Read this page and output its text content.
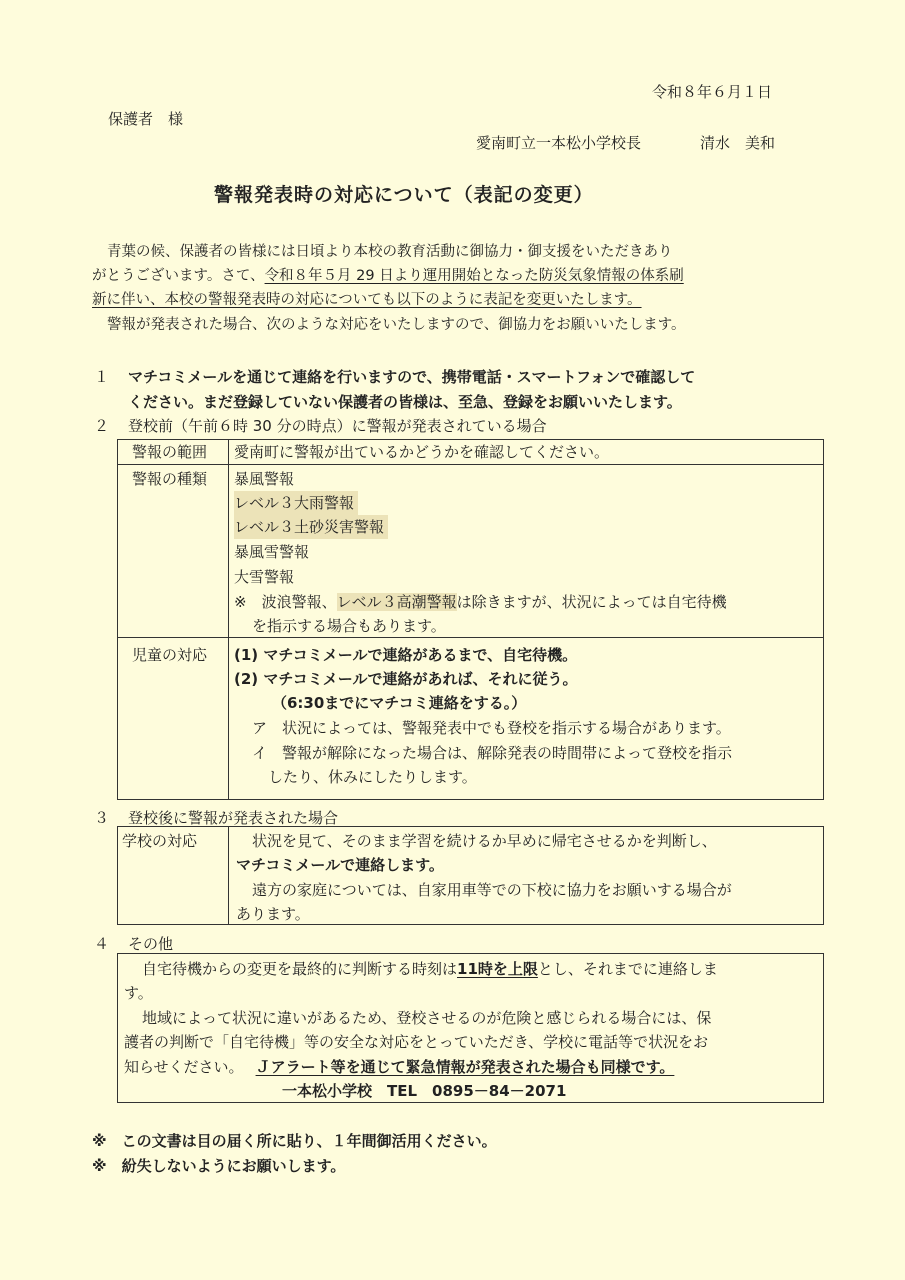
令和８年６月１日
保護者　様
愛南町立一本松小学校長	清水　美和
警報発表時の対応について（表記の変更）
青葉の候、保護者の皆様には日頃より本校の教育活動に御協力・御支援をいただきあり
がとうございます。さて、令和８年５月 29 日より運用開始となった防災気象情報の体系刷
新に伴い、本校の警報発表時の対応についても以下のように表記を変更いたします。
警報が発表された場合、次のような対応をいたしますので、御協力をお願いいたします。
１ マチコミメールを通じて連絡を行いますので、携帯電話・スマートフォンで確認して
ください。まだ登録していない保護者の皆様は、至急、登録をお願いいたします。
２ 登校前（午前６時 30 分の時点）に警報が発表されている場合
警報の範囲 愛南町に警報が出ているかどうかを確認してください。
警報の種類 暴風警報
レベル３大雨警報
レベル３土砂災害警報
暴風雪警報
大雪警報
※　波浪警報、レベル３高潮警報は除きますが、状況によっては自宅待機
を指示する場合もあります。
児童の対応 (1) マチコミメールで連絡があるまで、自宅待機。
(2) マチコミメールで連絡があれば、それに従う。
（6:30までにマチコミ連絡をする。）
ア　状況によっては、警報発表中でも登校を指示する場合があります。
イ　警報が解除になった場合は、解除発表の時間帯によって登校を指示
したり、休みにしたりします。
３ 登校後に警報が発表された場合
学校の対応	状況を見て、そのまま学習を続けるか早めに帰宅させるかを判断し、
マチコミメールで連絡します。
遠方の家庭については、自家用車等での下校に協力をお願いする場合が
あります。
４ その他
自宅待機からの変更を最終的に判断する時刻は11時を上限とし、それまでに連絡しま
す。
地域によって状況に違いがあるため、登校させるのが危険と感じられる場合には、保
護者の判断で「自宅待機」等の安全な対応をとっていただき、学校に電話等で状況をお
知らせください。 Ｊアラート等を通じて緊急情報が発表された場合も同様です。
一本松小学校　TEL　0895－84－2071
※　この文書は目の届く所に貼り、１年間御活用ください。
※　紛失しないようにお願いします。
